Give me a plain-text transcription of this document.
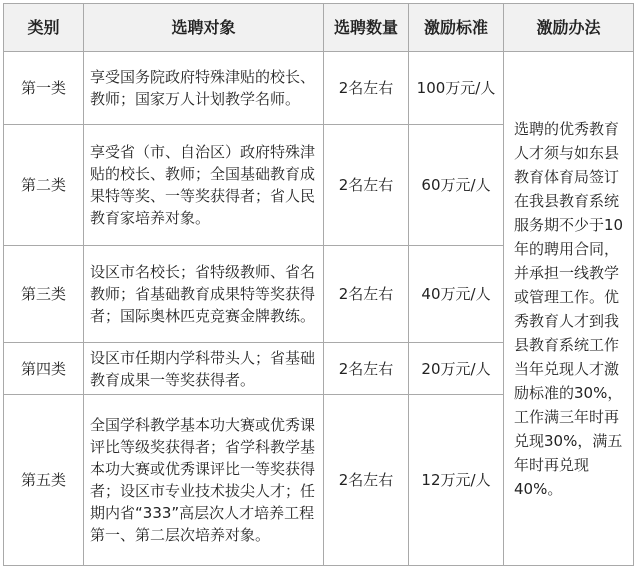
类别	选聘对象	选聘数量	激励标准	激励办法
第一类	享受国务院政府特殊津贴的校长、教师；国家万人计划教学名师。	2名左右	100万元/人	选聘的优秀教育人才须与如东县教育体育局签订在我县教育系统服务期不少于10年的聘用合同，并承担一线教学或管理工作。优秀教育人才到我县教育系统工作当年兑现人才激励标准的30%，工作满三年时再兑现30%，满五年时再兑现40%。
第二类	享受省（市、自治区）政府特殊津贴的校长、教师；全国基础教育成果特等奖、一等奖获得者；省人民教育家培养对象。	2名左右	60万元/人	
第三类	设区市名校长；省特级教师、省名教师；省基础教育成果特等奖获得者；国际奥林匹克竞赛金牌教练。	2名左右	40万元/人	
第四类	设区市任期内学科带头人；省基础教育成果一等奖获得者。	2名左右	20万元/人	
第五类	全国学科教学基本功大赛或优秀课评比等级奖获得者；省学科教学基本功大赛或优秀课评比一等奖获得者；设区市专业技术拔尖人才；任期内省“333”高层次人才培养工程第一、第二层次培养对象。	2名左右	12万元/人	
